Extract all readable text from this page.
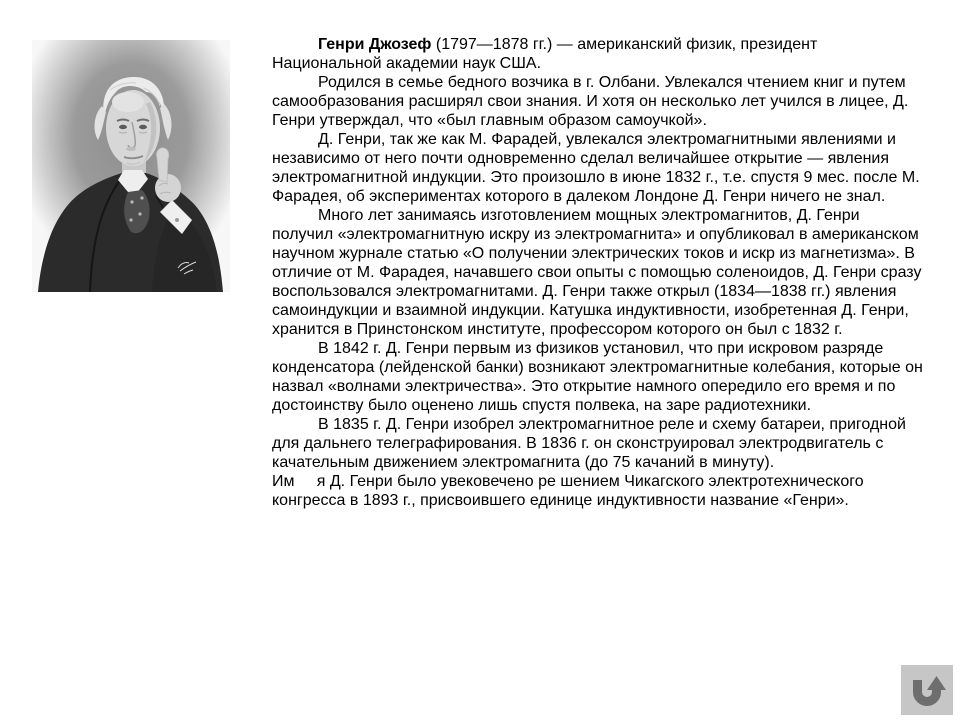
Генри Джозеф (1797—1878 гг.) — американский физик, президент Национальной академии наук США.

Родился в семье бедного возчика в г. Олбани. Увлекался чтением книг и путем самообразования расширял свои знания. И хотя он несколько лет учился в лицее, Д. Генри утверждал, что «был главным образом самоучкой».

Д. Генри, так же как М. Фарадей, увлекался электромагнитными явлениями и независимо от него почти одновременно сделал величайшее открытие — явления электромагнитной индукции. Это произошло в июне 1832 г., т.е. спустя 9 мес. после М. Фарадея, об экспериментах которого в далеком Лондоне Д. Генри ничего не знал.

Много лет занимаясь изготовлением мощных электромагнитов, Д. Генри получил «электромагнитную искру из электромагнита» и опубликовал в американском научном журнале статью «О получении электрических токов и искр из магнетизма». В отличие от М. Фарадея, начавшего свои опыты с помощью соленоидов, Д. Генри сразу воспользовался электромагнитами. Д. Генри также открыл (1834—1838 гг.) явления самоиндукции и взаимной индукции. Катушка индуктивности, изобретенная Д. Генри, хранится в Принстонском институте, профессором которого он был с 1832 г.

В 1842 г. Д. Генри первым из физиков установил, что при искровом разряде конденсатора (лейденской банки) возникают электромагнитные колебания, которые он назвал «волнами электричества». Это открытие намного опередило его время и по достоинству было оценено лишь спустя полвека, на заре радиотехники.

В 1835 г. Д. Генри изобрел электромагнитное реле и схему батареи, пригодной для дальнего телеграфирования. В 1836 г. он сконструировал электродвигатель с качательным движением электромагнита (до 75 качаний в минуту).

Им     я Д. Генри было увековечено ре шением Чикагского электротехнического конгресса в 1893 г., присвоившего единице индуктивности название «Генри».
